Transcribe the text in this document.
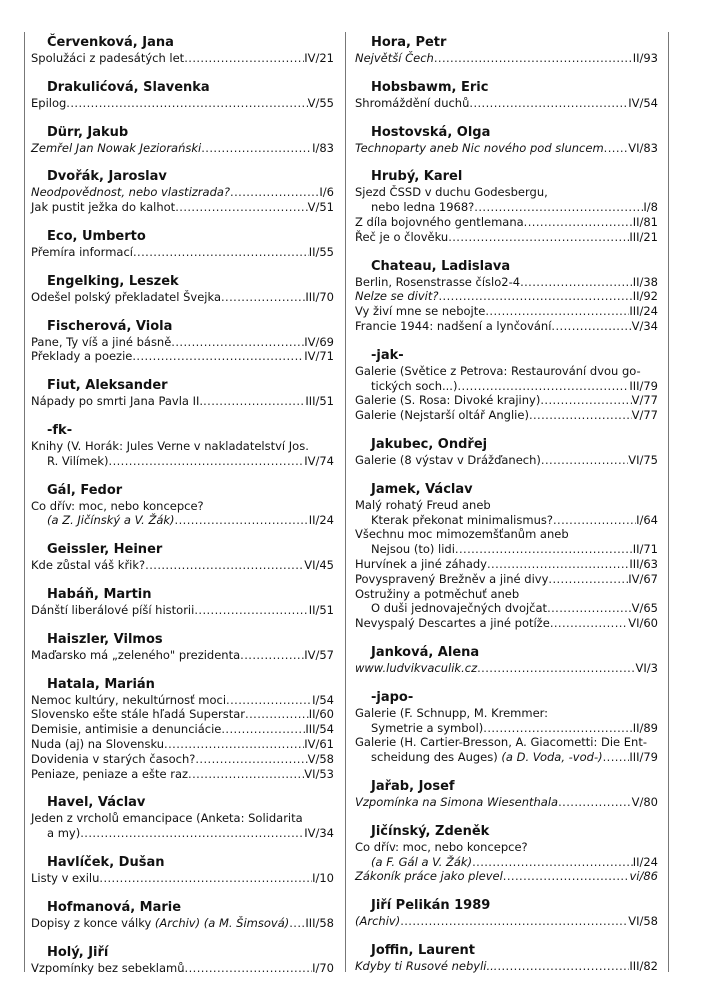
Červenková, Jana
Spolužáci z padesátých let .....	IV/21
Drakulićová, Slavenka
Epilog .....	V/55
Dürr, Jakub
Zemřel Jan Nowak Jeziorański .....	I/83
Dvořák, Jaroslav
Neodpovědnost, nebo vlastizrada? .....	I/6
Jak pustit ježka do kalhot .....	V/51
Eco, Umberto
Přemíra informací .....	II/55
Engelking, Leszek
Odešel polský překladatel Švejka .....	III/70
Fischerová, Viola
Pane, Ty víš a jiné básně .....	IV/69
Překlady a poezie .....	IV/71
Fiut, Aleksander
Nápady po smrti Jana Pavla II. .....	III/51
-fk-
Knihy (V. Horák: Jules Verne v nakladatelství Jos.
R. Vilímek) .....	IV/74
Gál, Fedor
Co dřív: moc, nebo koncepce?
(a Z. Jičínský a V. Žák) .....	II/24
Geissler, Heiner
Kde zůstal váš křik? .....	VI/45
Habáň, Martin
Dánští liberálové píší historii .....	II/51
Haiszler, Vilmos
Maďarsko má „zeleného" prezidenta .....	IV/57
Hatala, Marián
Nemoc kultúry, nekultúrnosť moci .....	I/54
Slovensko ešte stále hľadá Superstar .....	II/60
Demisie, antimisie a denunciácie .....	III/54
Nuda (aj) na Slovensku .....	IV/61
Dovidenia v starých časoch? .....	V/58
Peniaze, peniaze a ešte raz .....	VI/53
Havel, Václav
Jeden z vrcholů emancipace (Anketa: Solidarita
a my) .....	IV/34
Havlíček, Dušan
Listy v exilu .....	I/10
Hofmanová, Marie
Dopisy z konce války (Archiv) (a M. Šimsová) ..... III/58
Holý, Jiří
Vzpomínky bez sebeklamů .....	I/70
Hora, Petr
Největší Čech .....	II/93
Hobsbawm, Eric
Shromáždění duchů .....	IV/54
Hostovská, Olga
Technoparty aneb Nic nového pod sluncem ..... VI/83
Hrubý, Karel
Sjezd ČSSD v duchu Godesbergu,
nebo ledna 1968? .....	I/8
Z díla bojovného gentlemana .....	II/81
Řeč je o člověku .....	III/21
Chateau, Ladislava
Berlin, Rosenstrasse číslo2-4 .....	II/38
Nelze se divit? .....	II/92
Vy živí mne se nebojte .....	III/24
Francie 1944: nadšení a lynčování .....	V/34
-jak-
Galerie (Světice z Petrova: Restaurování dvou go-
tických soch...) .....	III/79
Galerie (S. Rosa: Divoké krajiny) .....	V/77
Galerie (Nejstarší oltář Anglie) .....	V/77
Jakubec, Ondřej
Galerie (8 výstav v Drážďanech) .....	VI/75
Jamek, Václav
Malý rohatý Freud aneb
Kterak překonat minimalismus? .....	I/64
Všechnu moc mimozemšťanům aneb
Nejsou (to) lidi .....	II/71
Hurvínek a jiné záhady .....	III/63
Povyspravený Brežněv a jiné divy .....	IV/67
Ostružiny a potměchuť aneb
O duši jednovaječných dvojčat .....	V/65
Nevyspalý Descartes a jiné potíže .....	VI/60
Janková, Alena
www.ludvikvaculik.cz .....	VI/3
-japo-
Galerie (F. Schnupp, M. Kremmer:
Symetrie a symbol) .....	II/89
Galerie (H. Cartier-Bresson, A. Giacometti: Die Ent-
scheidung des Auges) (a D. Voda, -vod-) ..... III/79
Jařab, Josef
Vzpomínka na Simona Wiesenthala .....	V/80
Jičínský, Zdeněk
Co dřív: moc, nebo koncepce?
(a F. Gál a V. Žák) .....	II/24
Zákoník práce jako plevel .....	vi/86
Jiří Pelikán 1989
(Archiv) .....	VI/58
Joffin, Laurent
Kdyby ti Rusové nebyli... .....	III/82
